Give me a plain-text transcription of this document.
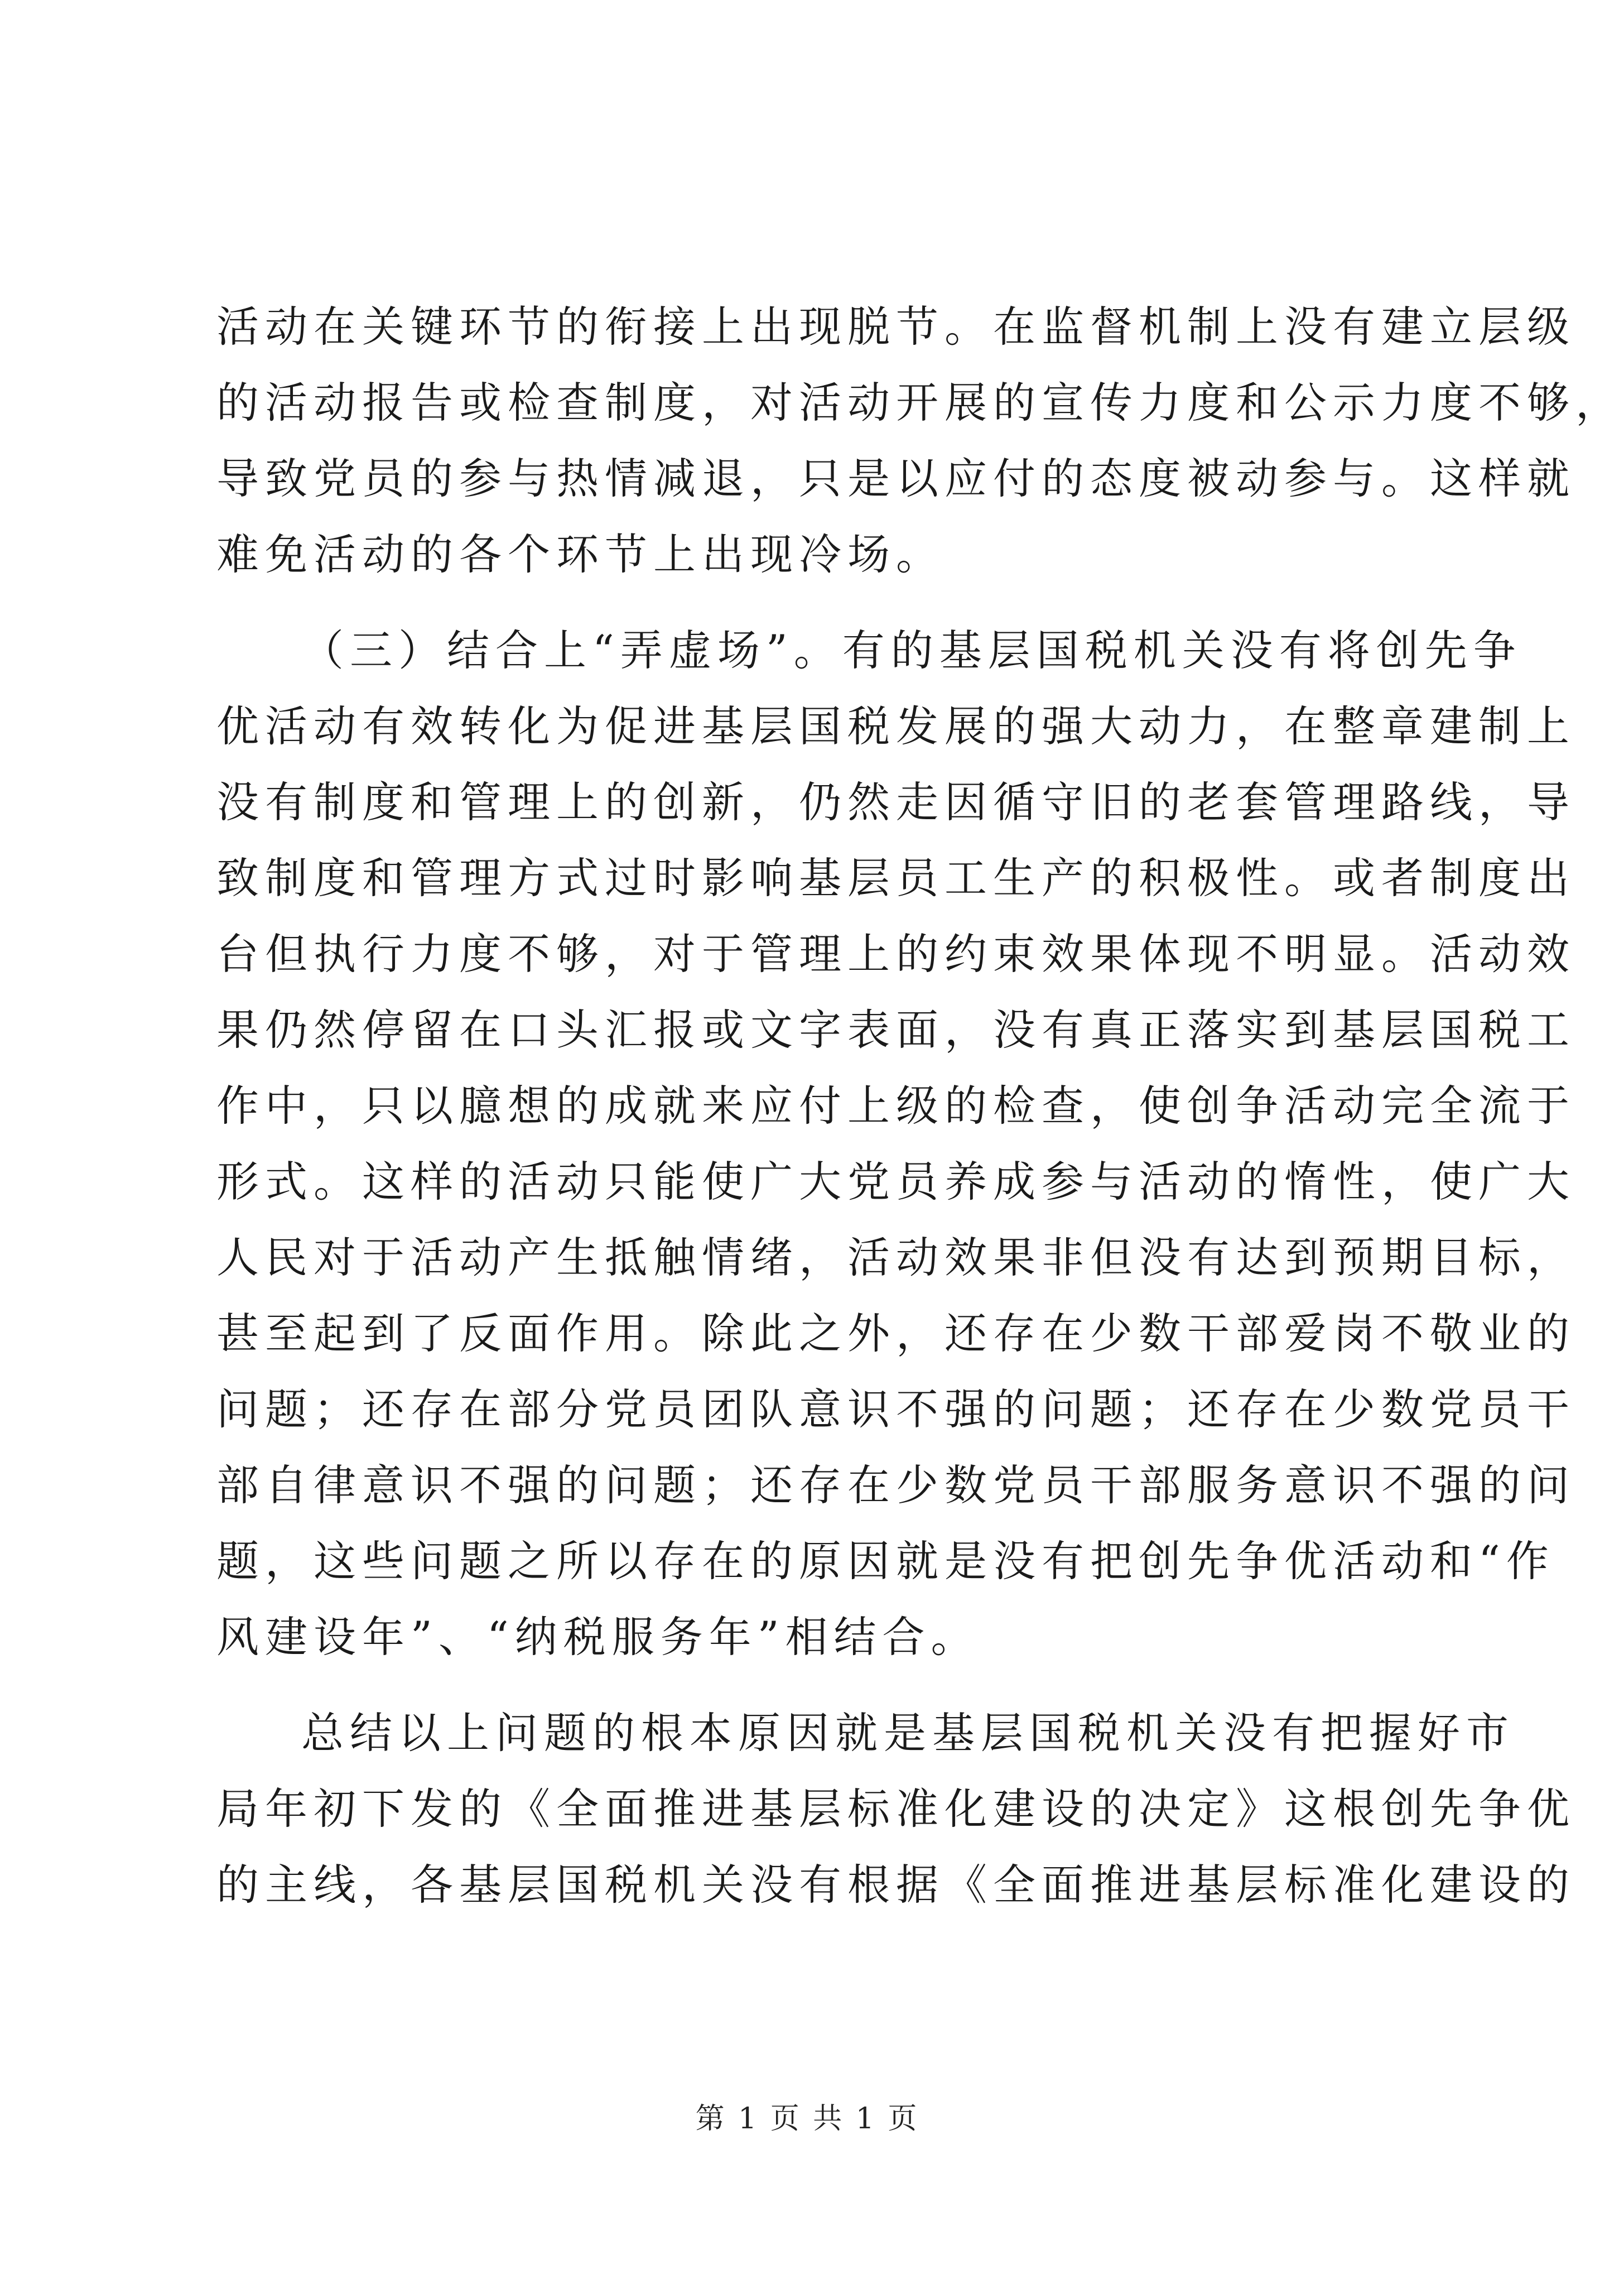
活动在关键环节的衔接上出现脱节。在监督机制上没有建立层级
的活动报告或检查制度，对活动开展的宣传力度和公示力度不够，
导致党员的参与热情减退，只是以应付的态度被动参与。这样就
难免活动的各个环节上出现冷场。
（三）结合上“弄虚场”。有的基层国税机关没有将创先争
优活动有效转化为促进基层国税发展的强大动力，在整章建制上
没有制度和管理上的创新，仍然走因循守旧的老套管理路线，导
致制度和管理方式过时影响基层员工生产的积极性。或者制度出
台但执行力度不够，对于管理上的约束效果体现不明显。活动效
果仍然停留在口头汇报或文字表面，没有真正落实到基层国税工
作中，只以臆想的成就来应付上级的检查，使创争活动完全流于
形式。这样的活动只能使广大党员养成参与活动的惰性，使广大
人民对于活动产生抵触情绪，活动效果非但没有达到预期目标，
甚至起到了反面作用。除此之外，还存在少数干部爱岗不敬业的
问题；还存在部分党员团队意识不强的问题；还存在少数党员干
部自律意识不强的问题；还存在少数党员干部服务意识不强的问
题，这些问题之所以存在的原因就是没有把创先争优活动和“作
风建设年”、“纳税服务年”相结合。
总结以上问题的根本原因就是基层国税机关没有把握好市
局年初下发的《全面推进基层标准化建设的决定》这根创先争优
的主线，各基层国税机关没有根据《全面推进基层标准化建设的
第 1 页 共 1 页
